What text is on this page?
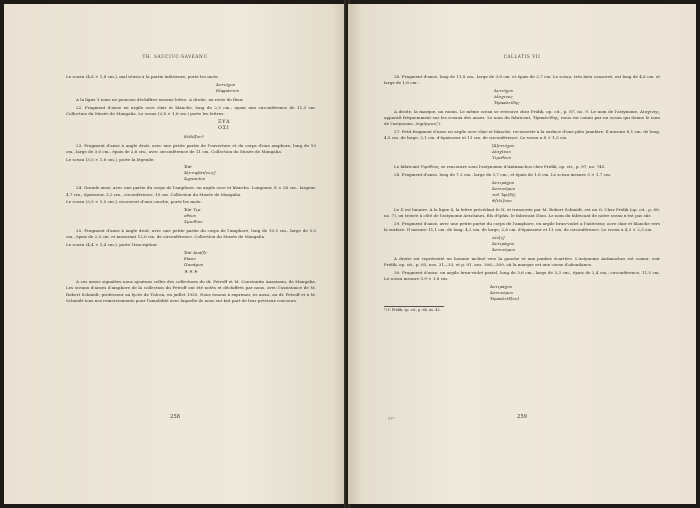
TH. SAUCIUC-SAVEANU

Le sceau (4,6 × 1,8 cm.), mal réussi à la partie inférieure, porte les mots:

Ἀντιόχου
Εὐφράντου

A la ligne 3 nous ne pouvons déchiffrer aucune lettre. A droite, un reste de fleur.

22. Fragment d'anse en argile ocre clair et blanche, long de 2,3 cm., ayant une circonférence de 11,3 cm. Collection du Musée de Mangalia. Le sceau (2,8 × 1,8 cm.) porte les lettres:

ΞΥΔ
ΟΣΙ
Εὐδόξου?

23. Fragment d'anse à angle droit, avec une petite partie de l'ouverture et du corps d'une amphore, long de 10 cm., large de 3,6 cm., épais de 2,6 cm., avec circonférence de 11 cm. Collection du Musée de Mangalia.

Le sceau (3,5 × 1,6 cm.), porte la légende:

Ἐπὶ
Ἀ[ντιφ]άτ[εως]
Ἀγριανίου

24. Grande anse, avec une partie du corps de l'amphore, en argile ocre et blanche. Longueur, 8 × 26 cm., largeur, 4,7 cm., épaisseur, 3,2 cm., circonférence, 10 cm. Collection du Musée de Mangalia.

Le sceau (3,5 × 1,5 cm.), recouvert d'une couche, porte les mots:

Ἐπὶ Τιμ-
οθέου
Σμινθίου

25. Fragment d'anse à angle droit, avec une petite partie du corps de l'amphore, long de 10,5 cm., large de 3,5 cm., épais de 2,5 cm. et mesurant 12,6 cm. de circonférence. Collection du Musée de Mangalia.

Le sceau (4,4 × 1,4 cm.), porte l'inscription:

Ἐπὶ Ἀνα[ξι-
δίκου
Πανάμου
* * *

A ces anses signalées nous ajoutons celles des collections du dr. Petroff et M. Constantin Anastasiu, de Mangalia. Les sceaux d'anses d'amphore de la collection du Petroff ont été notés et déchiffrés par nous, avec l'assistance de M. Robert Schmidt, professeur au lycée de Tulcea, en juillet 1935. Nous tenons à exprimer, ici aussi, au dr. Petroff et à M. Schmidt tous nos remerciements pour l'amabilité avec laquelle ils nous ont fait part de leur précieux concours.

258
CALLATIS VII

26. Fragment d'anse, long de 11,8 cm., large de 3,6 cm. et épais de 2,7 cm. Le sceau, très bien conservé, est long de 4,8 cm. et large de 1,8 cm.:

Ἀντιόχου
Αἴσχινος
Ἡρακλείδης

A droite, la marque, un raisin. Le même sceau se retrouve chez Pridik, op. cit., p. 87, no. 9. Le nom de l'astynome, Αἰσχίνης, apparaît fréquemment sur les sceaux des anses. Le nom du fabricant, Ἡρακλείδης, nous est connu par un sceau qui donne le nom de l'astynome, Δημήτριος¹).

27. Petit fragment d'anse en argile ocre clair et blanche, recouverte à la surface d'une pâte jaunâtre. Il mesure 6,1 cm. de long, 4,5 cm. de large, 2,1 cm. d'épaisseur et 11 cm. de circonférence. Le sceau a 4 × 1,5 cm.

[Ἀ]ντιόχου
Αἰσχίνου
Τιμοθέου

Le fabricant Τιμόθεος se rencontre sous l'astynomie d'Antimachos chez Pridik, op. cit., p. 97, no. 745.

28. Fragment d'anse, long de 7,2 cm., large de 3,7 cm., et épais de 1,8 cm. Le sceau mesure 3 × 1,7 cm.

Ἀντιμάχου
Ἀστυνόμου
τοῦ Ἴφι[δ]ς
Φ[ιλί]νου

Le Σ est lunaire. A la ligne 4, la lettre précédant le N, et transcrite par M. Robert Schmidt, est un O. Chez Pridik (op. cit., p. 68, no. 7), on trouve à côté de l'astynome Aeschines, fils d'Iphis, le fabricant Dion. Le nom du fabricant de notre sceau n'est pas sûr.

29. Fragment d'anse, avec une petite partie du corps de l'amphore, en argile brun-violet à l'intérieur, ocre clair et blanche vers la surface. Il mesure 11,1 cm. de long, 4,2 cm. de large, 2,6 cm. d'épaisseur et 11 cm. de circonférence. Le sceau a 4,5 × 2,3 cm.

Δίο[ς]
Ἀντιμάχου
Ἀστυνόμου

A droite est représenté un homme incliné vers la gauche et aux jambes écartées. L'astynome Antimachos est connu: voir Pridik, op. cit., p. 63, nos. 31—33, et p. 91, nos. 306—309, où la marque est une corne d'abondance.

30. Fragment d'anse, en argile brun-violet pastel, long de 3,6 cm., large de 3,3 cm., épais de 2,4 cm.; circonférence, 11,5 cm. Le sceau mesure 3,9 × 1,8 cm.

Ἀντιμάχου
Ἀστυνόμου
Ἡρακλείδ[ου]
¹) V. Pridik, op. cit., p. 64, no. 42.
17*	259
